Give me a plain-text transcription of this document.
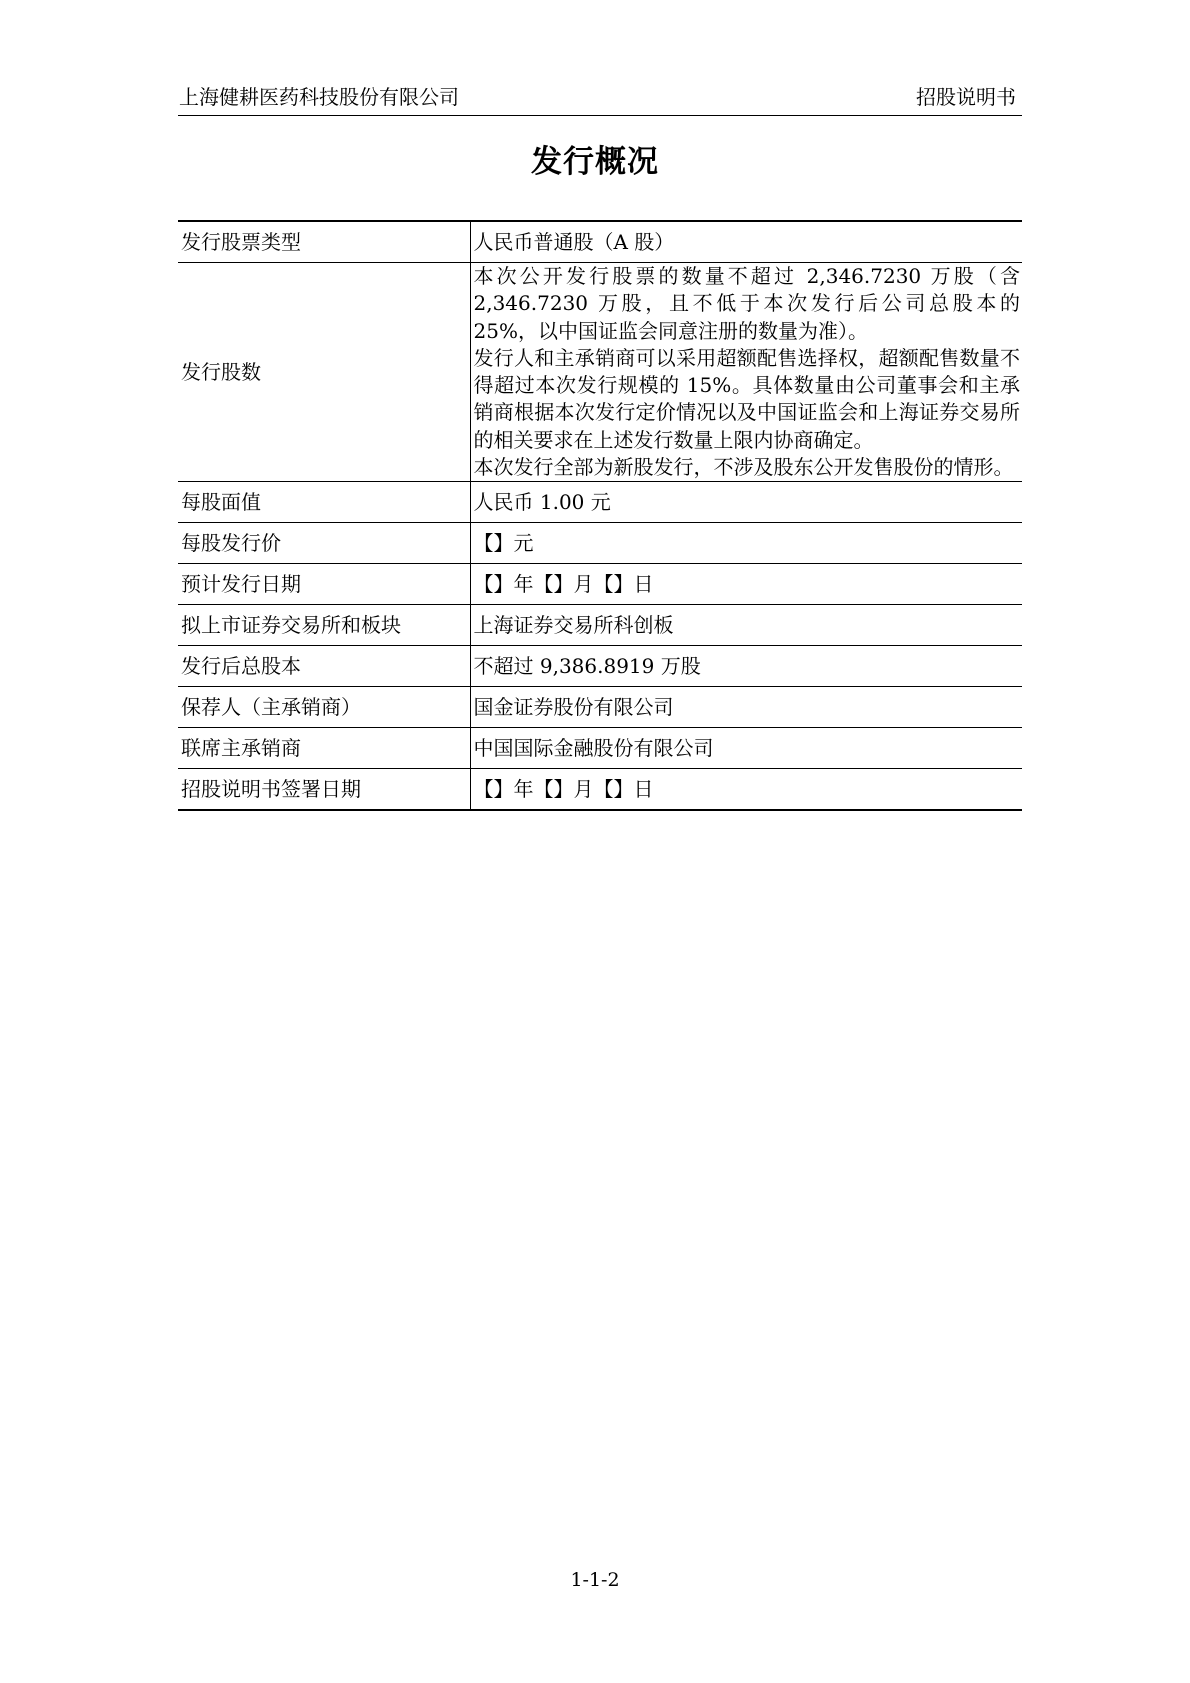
上海健耕医药科技股份有限公司	招股说明书
发行概况
发行股票类型	人民币普通股（A 股）
发行股数	本次公开发行股票的数量不超过 2,346.7230 万股（含 2,346.7230 万股，且不低于本次发行后公司总股本的 25%，以中国证监会同意注册的数量为准）。
发行人和主承销商可以采用超额配售选择权，超额配售数量不得超过本次发行规模的 15%。具体数量由公司董事会和主承销商根据本次发行定价情况以及中国证监会和上海证券交易所的相关要求在上述发行数量上限内协商确定。
本次发行全部为新股发行，不涉及股东公开发售股份的情形。

每股面值	人民币 1.00 元
每股发行价	【】元
预计发行日期	【】年【】月【】日
拟上市证券交易所和板块	上海证券交易所科创板
发行后总股本	不超过 9,386.8919 万股
保荐人（主承销商）	国金证券股份有限公司
联席主承销商	中国国际金融股份有限公司
招股说明书签署日期	【】年【】月【】日
1-1-2
